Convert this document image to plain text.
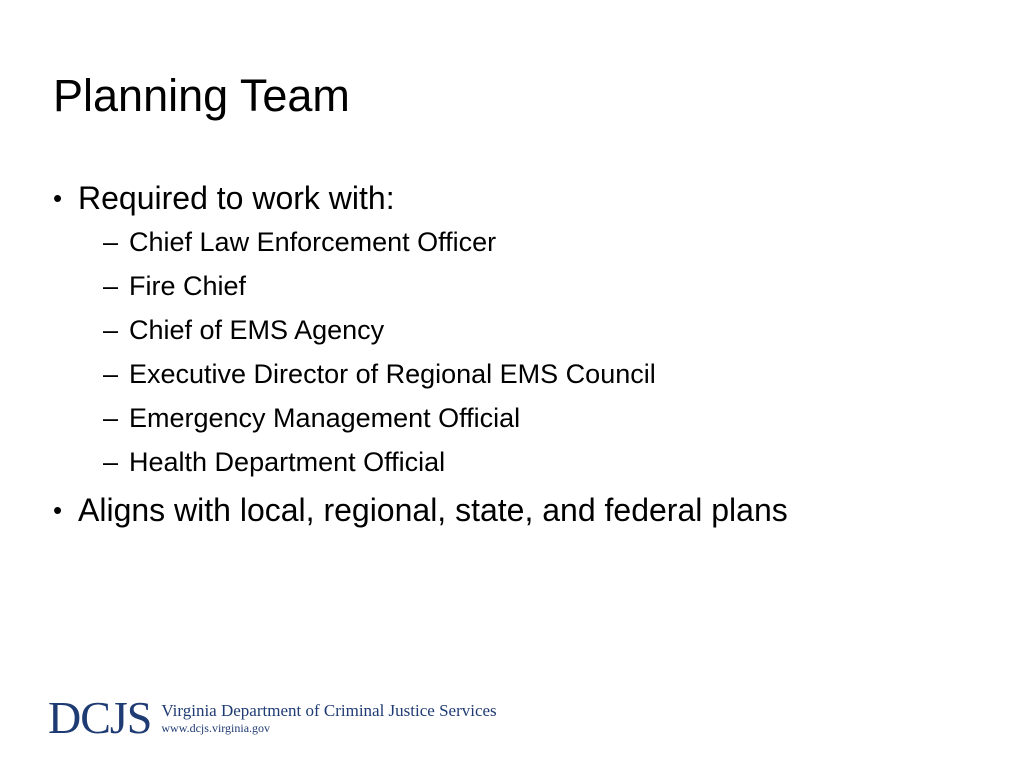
Planning Team
• Required to work with:
– Chief Law Enforcement Officer
– Fire Chief
– Chief of EMS Agency
– Executive Director of Regional EMS Council
– Emergency Management Official
– Health Department Official
• Aligns with local, regional, state, and federal plans
DCJS Virginia Department of Criminal Justice Services
www.dcjs.virginia.gov
